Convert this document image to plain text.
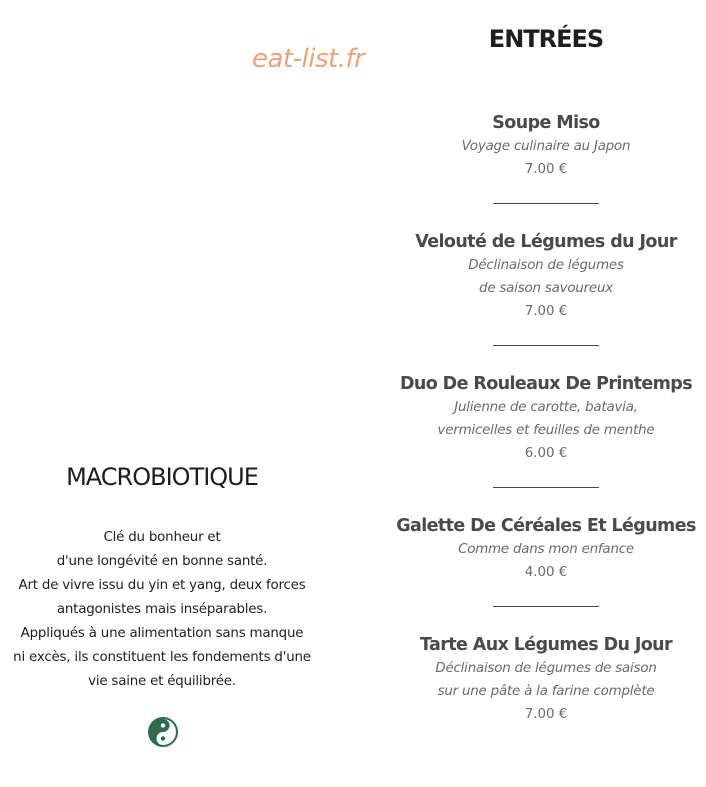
eat-list.fr
MACROBIOTIQUE
Clé du bonheur et
d'une longévité en bonne santé.
Art de vivre issu du yin et yang, deux forces
antagonistes mais inséparables.
Appliqués à une alimentation sans manque
ni excès, ils constituent les fondements d'une
vie saine et équilibrée.
ENTRÉES
Soupe Miso
Voyage culinaire au Japon
7.00 €
Velouté de Légumes du Jour
Déclinaison de légumes
de saison savoureux
7.00 €
Duo De Rouleaux De Printemps
Julienne de carotte, batavia,
vermicelles et feuilles de menthe
6.00 €
Galette De Céréales Et Légumes
Comme dans mon enfance
4.00 €
Tarte Aux Légumes Du Jour
Déclinaison de légumes de saison
sur une pâte à la farine complète
7.00 €
